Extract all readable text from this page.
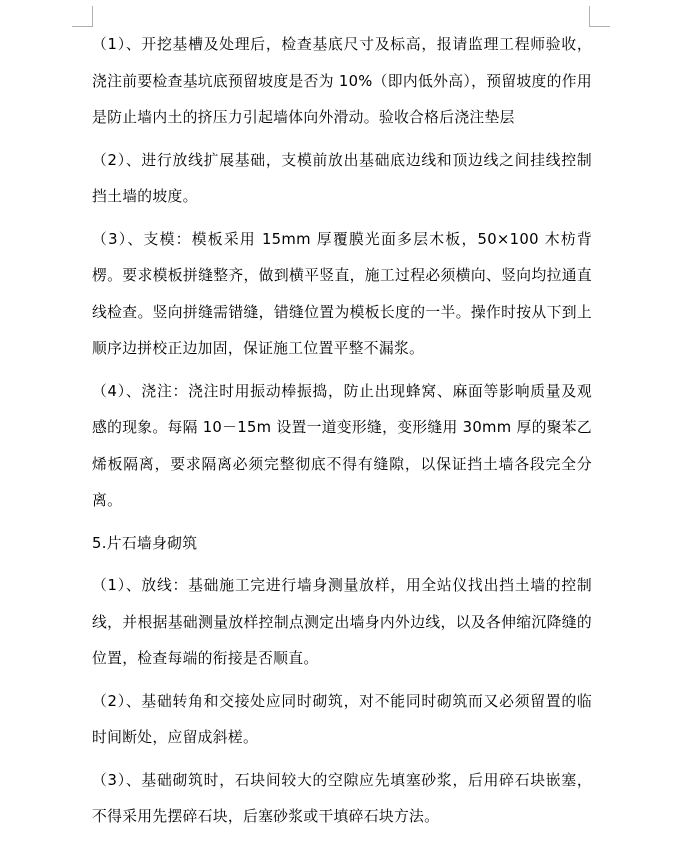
（1）、开挖基槽及处理后，检查基底尺寸及标高，报请监理工程师验收，浇注前要检查基坑底预留坡度是否为 10%（即内低外高），预留坡度的作用是防止墙内土的挤压力引起墙体向外滑动。验收合格后浇注垫层

（2）、进行放线扩展基础，支模前放出基础底边线和顶边线之间挂线控制挡土墙的坡度。

（3）、支模：模板采用 15mm 厚覆膜光面多层木板，50×100 木枋背楞。要求模板拼缝整齐，做到横平竖直，施工过程必须横向、竖向均拉通直线检查。竖向拼缝需错缝，错缝位置为模板长度的一半。操作时按从下到上顺序边拼校正边加固，保证施工位置平整不漏浆。

（4）、浇注：浇注时用振动棒振捣，防止出现蜂窝、麻面等影响质量及观感的现象。每隔 10－15m 设置一道变形缝，变形缝用 30mm 厚的聚苯乙烯板隔离，要求隔离必须完整彻底不得有缝隙，以保证挡土墙各段完全分离。

5.片石墙身砌筑

（1）、放线：基础施工完进行墙身测量放样，用全站仪找出挡土墙的控制线，并根据基础测量放样控制点测定出墙身内外边线，以及各伸缩沉降缝的位置，检查每端的衔接是否顺直。

（2）、基础转角和交接处应同时砌筑，对不能同时砌筑而又必须留置的临时间断处，应留成斜槎。

（3）、基础砌筑时，石块间较大的空隙应先填塞砂浆，后用碎石块嵌塞，不得采用先摆碎石块，后塞砂浆或干填碎石块方法。
